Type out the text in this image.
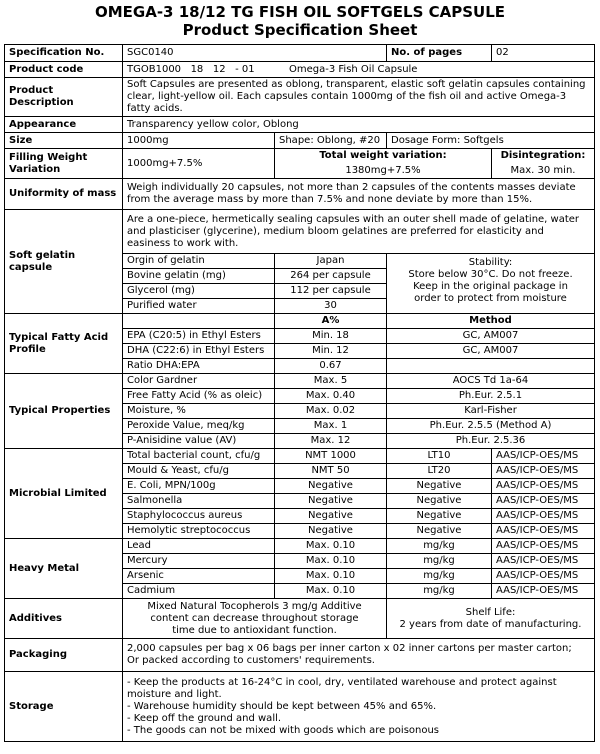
OMEGA-3 18/12 TG FISH OIL SOFTGELS CAPSULE
Product Specification Sheet
Specification No.	SGC0140		No. of pages	02
Product code	TGOB1000   18   12   - 01 Omega-3 Fish Oil Capsule			
Product Description	Soft Capsules are presented as oblong, transparent, elastic soft gelatin capsules containing clear, light-yellow oil. Each capsules contain 1000mg of the fish oil and active Omega-3 fatty acids.			
Appearance	Transparency yellow color, Oblong			
Size	1000mg	Shape: Oblong, #20	Dosage Form: Softgels	
Filling Weight Variation	1000mg+7.5%	Total weight variation:		Disintegration:
		1380mg+7.5%		Max. 30 min.
Uniformity of mass	Weigh individually 20 capsules, not more than 2 capsules of the contents masses deviate from the average mass by more than 7.5% and none deviate by more than 15%.			
Soft gelatin capsule	Are a one-piece, hermetically sealing capsules with an outer shell made of gelatine, water and plasticiser (glycerine), medium bloom gelatines are preferred for elasticity and easiness to work with.			
	Orgin of gelatin	Japan	Stability:
Store below 30°C. Do not freeze. Keep in the original package in order to protect from moisture	

	Bovine gelatin (mg)	264 per capsule		
	Glycerol (mg)	112 per capsule		
	Purified water	30		
Typical Fatty Acid Profile		A%	Method	
	EPA (C20:5) in Ethyl Esters	Min. 18	GC, AM007	
	DHA (C22:6) in Ethyl Esters	Min. 12	GC, AM007	
	Ratio DHA:EPA	0.67		
Typical Properties	Color Gardner	Max. 5	AOCS Td 1a-64	
	Free Fatty Acid (% as oleic)	Max. 0.40	Ph.Eur. 2.5.1	
	Moisture, %	Max. 0.02	Karl-Fisher	
	Peroxide Value, meq/kg	Max. 1	Ph.Eur. 2.5.5 (Method A)	
	P-Anisidine value (AV)	Max. 12	Ph.Eur. 2.5.36	
Microbial Limited	Total bacterial count, cfu/g	NMT 1000	LT10	AAS/ICP-OES/MS
	Mould & Yeast, cfu/g	NMT 50	LT20	AAS/ICP-OES/MS
	E. Coli, MPN/100g	Negative	Negative	AAS/ICP-OES/MS
	Salmonella	Negative	Negative	AAS/ICP-OES/MS
	Staphylococcus aureus	Negative	Negative	AAS/ICP-OES/MS
	Hemolytic streptococcus	Negative	Negative	AAS/ICP-OES/MS
Heavy Metal	Lead	Max. 0.10	mg/kg	AAS/ICP-OES/MS
	Mercury	Max. 0.10	mg/kg	AAS/ICP-OES/MS
	Arsenic	Max. 0.10	mg/kg	AAS/ICP-OES/MS
	Cadmium	Max. 0.10	mg/kg	AAS/ICP-OES/MS
Additives	Mixed Natural Tocopherols 3 mg/g Additive content can decrease throughout storage time due to antioxidant function.		Shelf Life:
2 years from date of manufacturing.	

Packaging	2,000 capsules per bag x 06 bags per inner carton x 02 inner cartons per master carton;
Or packed according to customers' requirements.			

Storage	- Keep the products at 16-24°C in cool, dry, ventilated warehouse and protect against moisture and light.
- Warehouse humidity should be kept between 45% and 65%.
- Keep off the ground and wall.
- The goods can not be mixed with goods which are poisonous			
